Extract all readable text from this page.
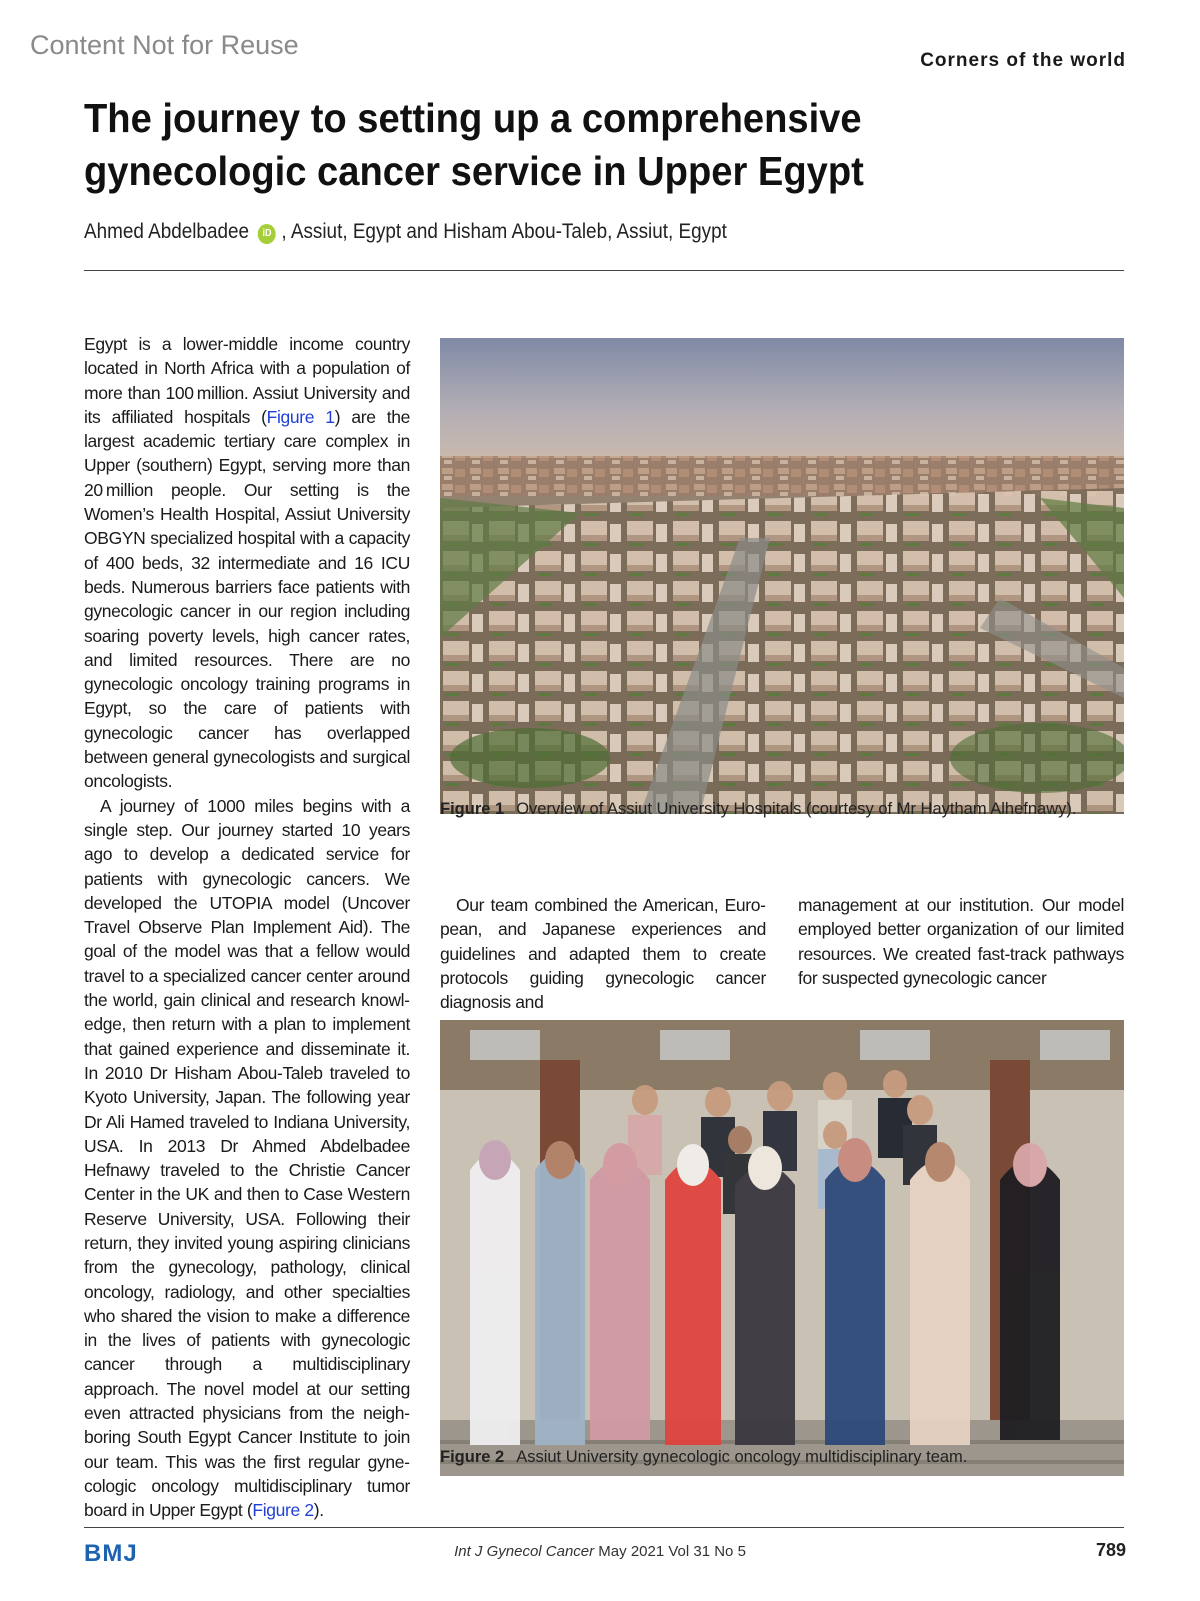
Content Not for Reuse
Corners of the world
The journey to setting up a comprehensive gynecologic cancer service in Upper Egypt
Ahmed Abdelbadee iD , Assiut, Egypt and Hisham Abou-Taleb, Assiut, Egypt

Egypt is a lower-middle income country located in North Africa with a population of more than 100 million. Assiut University and its affiliated hospitals (Figure 1) are the largest academic tertiary care complex in Upper (southern) Egypt, serving more than 20 million people. Our setting is the Women’s Health Hospital, Assiut University OBGYN specialized hospital with a capacity of 400 beds, 32 intermediate and 16 ICU beds. Numerous barriers face patients with gynecologic cancer in our region including soaring poverty levels, high cancer rates, and limited resources. There are no gynecologic oncology training programs in Egypt, so the care of patients with gynecologic cancer has overlapped between general gynecologists and surgical oncologists.

A journey of 1000 miles begins with a single step. Our journey started 10 years ago to develop a dedicated service for patients with gynecologic cancers. We developed the UTOPIA model (Uncover Travel Observe Plan Implement Aid). The goal of the model was that a fellow would travel to a specialized cancer center around the world, gain clinical and research knowledge, then return with a plan to implement that gained experience and disseminate it. In 2010 Dr Hisham Abou-Taleb traveled to Kyoto University, Japan. The following year Dr Ali Hamed traveled to Indiana University, USA. In 2013 Dr Ahmed Abdelbadee Hefnawy traveled to the Christie Cancer Center in the UK and then to Case Western Reserve University, USA. Following their return, they invited young aspiring clinicians from the gynecology, pathology, clinical oncology, radiology, and other specialties who shared the vision to make a difference in the lives of patients with gynecologic cancer through a multidisciplinary approach. The novel model at our setting even attracted physicians from the neighboring South Egypt Cancer Institute to join our team. This was the first regular gynecologic oncology multidisciplinary tumor board in Upper Egypt (Figure 2).

Figure 1 Overview of Assiut University Hospitals (courtesy of Mr Haytham Alhefnawy).
Our team combined the American, European, and Japanese experiences and guidelines and adapted them to create protocols guiding gynecologic cancer diagnosis and
management at our institution. Our model employed better organization of our limited resources. We created fast-track pathways for suspected gynecologic cancer
Figure 2 Assiut University gynecologic oncology multidisciplinary team.
BMJ	Int J Gynecol Cancer May 2021 Vol 31 No 5	789
